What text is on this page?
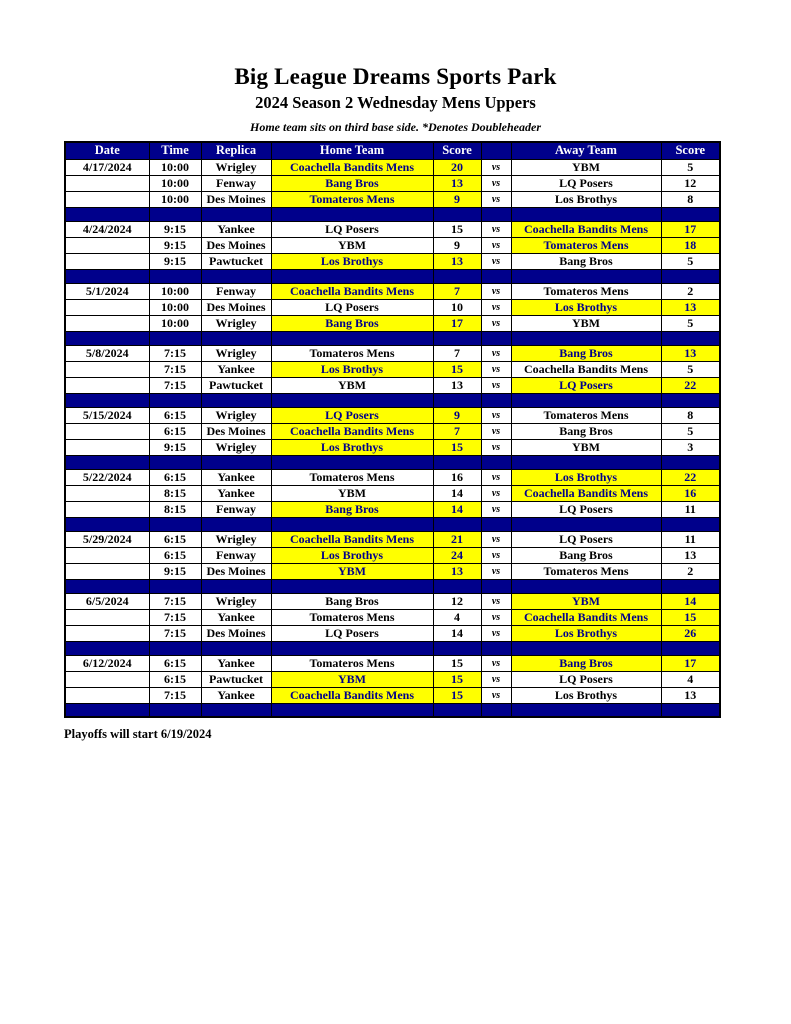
Big League Dreams Sports Park
2024 Season 2 Wednesday Mens Uppers
Home team sits on third base side. *Denotes Doubleheader
Date	Time	Replica	Home Team	Score		Away Team	Score
4/17/2024	10:00	Wrigley	Coachella Bandits Mens	20	vs	YBM	5
	10:00	Fenway	Bang Bros	13	vs	LQ Posers	12
	10:00	Des Moines	Tomateros Mens	9	vs	Los Brothys	8

4/24/2024	9:15	Yankee	LQ Posers	15	vs	Coachella Bandits Mens	17
	9:15	Des Moines	YBM	9	vs	Tomateros Mens	18
	9:15	Pawtucket	Los Brothys	13	vs	Bang Bros	5

5/1/2024	10:00	Fenway	Coachella Bandits Mens	7	vs	Tomateros Mens	2
	10:00	Des Moines	LQ Posers	10	vs	Los Brothys	13
	10:00	Wrigley	Bang Bros	17	vs	YBM	5

5/8/2024	7:15	Wrigley	Tomateros Mens	7	vs	Bang Bros	13
	7:15	Yankee	Los Brothys	15	vs	Coachella Bandits Mens	5
	7:15	Pawtucket	YBM	13	vs	LQ Posers	22

5/15/2024	6:15	Wrigley	LQ Posers	9	vs	Tomateros Mens	8
	6:15	Des Moines	Coachella Bandits Mens	7	vs	Bang Bros	5
	9:15	Wrigley	Los Brothys	15	vs	YBM	3

5/22/2024	6:15	Yankee	Tomateros Mens	16	vs	Los Brothys	22
	8:15	Yankee	YBM	14	vs	Coachella Bandits Mens	16
	8:15	Fenway	Bang Bros	14	vs	LQ Posers	11

5/29/2024	6:15	Wrigley	Coachella Bandits Mens	21	vs	LQ Posers	11
	6:15	Fenway	Los Brothys	24	vs	Bang Bros	13
	9:15	Des Moines	YBM	13	vs	Tomateros Mens	2

6/5/2024	7:15	Wrigley	Bang Bros	12	vs	YBM	14
	7:15	Yankee	Tomateros Mens	4	vs	Coachella Bandits Mens	15
	7:15	Des Moines	LQ Posers	14	vs	Los Brothys	26

6/12/2024	6:15	Yankee	Tomateros Mens	15	vs	Bang Bros	17
	6:15	Pawtucket	YBM	15	vs	LQ Posers	4
	7:15	Yankee	Coachella Bandits Mens	15	vs	Los Brothys	13

Playoffs will start 6/19/2024
